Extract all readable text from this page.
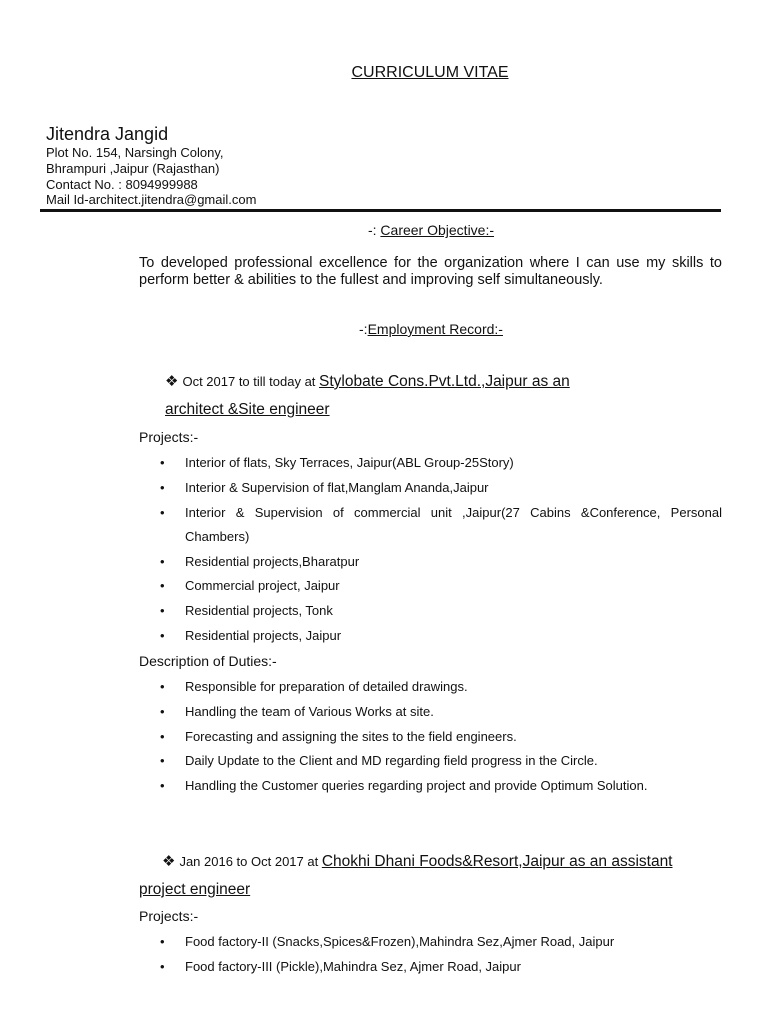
CURRICULUM VITAE
Jitendra Jangid
Plot No. 154, Narsingh Colony,
Bhrampuri ,Jaipur (Rajasthan)
Contact No. : 8094999988
Mail Id-architect.jitendra@gmail.com
-: Career Objective:-
To developed professional excellence for the organization where I can use my skills to perform better & abilities to the fullest and improving self simultaneously.
-:Employment Record:-
❖ Oct 2017 to till today at Stylobate Cons.Pvt.Ltd.,Jaipur as an
architect &Site engineer
Projects:-
• Interior of flats, Sky Terraces, Jaipur(ABL Group-25Story)
• Interior & Supervision of flat,Manglam Ananda,Jaipur
• Interior & Supervision of commercial unit ,Jaipur(27 Cabins &Conference, Personal Chambers)
• Residential projects,Bharatpur
• Commercial project, Jaipur
• Residential projects, Tonk
• Residential projects, Jaipur
Description of Duties:-
• Responsible for preparation of detailed drawings.
• Handling the team of Various Works at site.
• Forecasting and assigning the sites to the field engineers.
• Daily Update to the Client and MD regarding field progress in the Circle.
• Handling the Customer queries regarding project and provide Optimum Solution.
❖ Jan 2016 to Oct 2017 at Chokhi Dhani Foods&Resort,Jaipur as an assistant
project engineer
Projects:-
• Food factory-II (Snacks,Spices&Frozen),Mahindra Sez,Ajmer Road, Jaipur
• Food factory-III (Pickle),Mahindra Sez, Ajmer Road, Jaipur
